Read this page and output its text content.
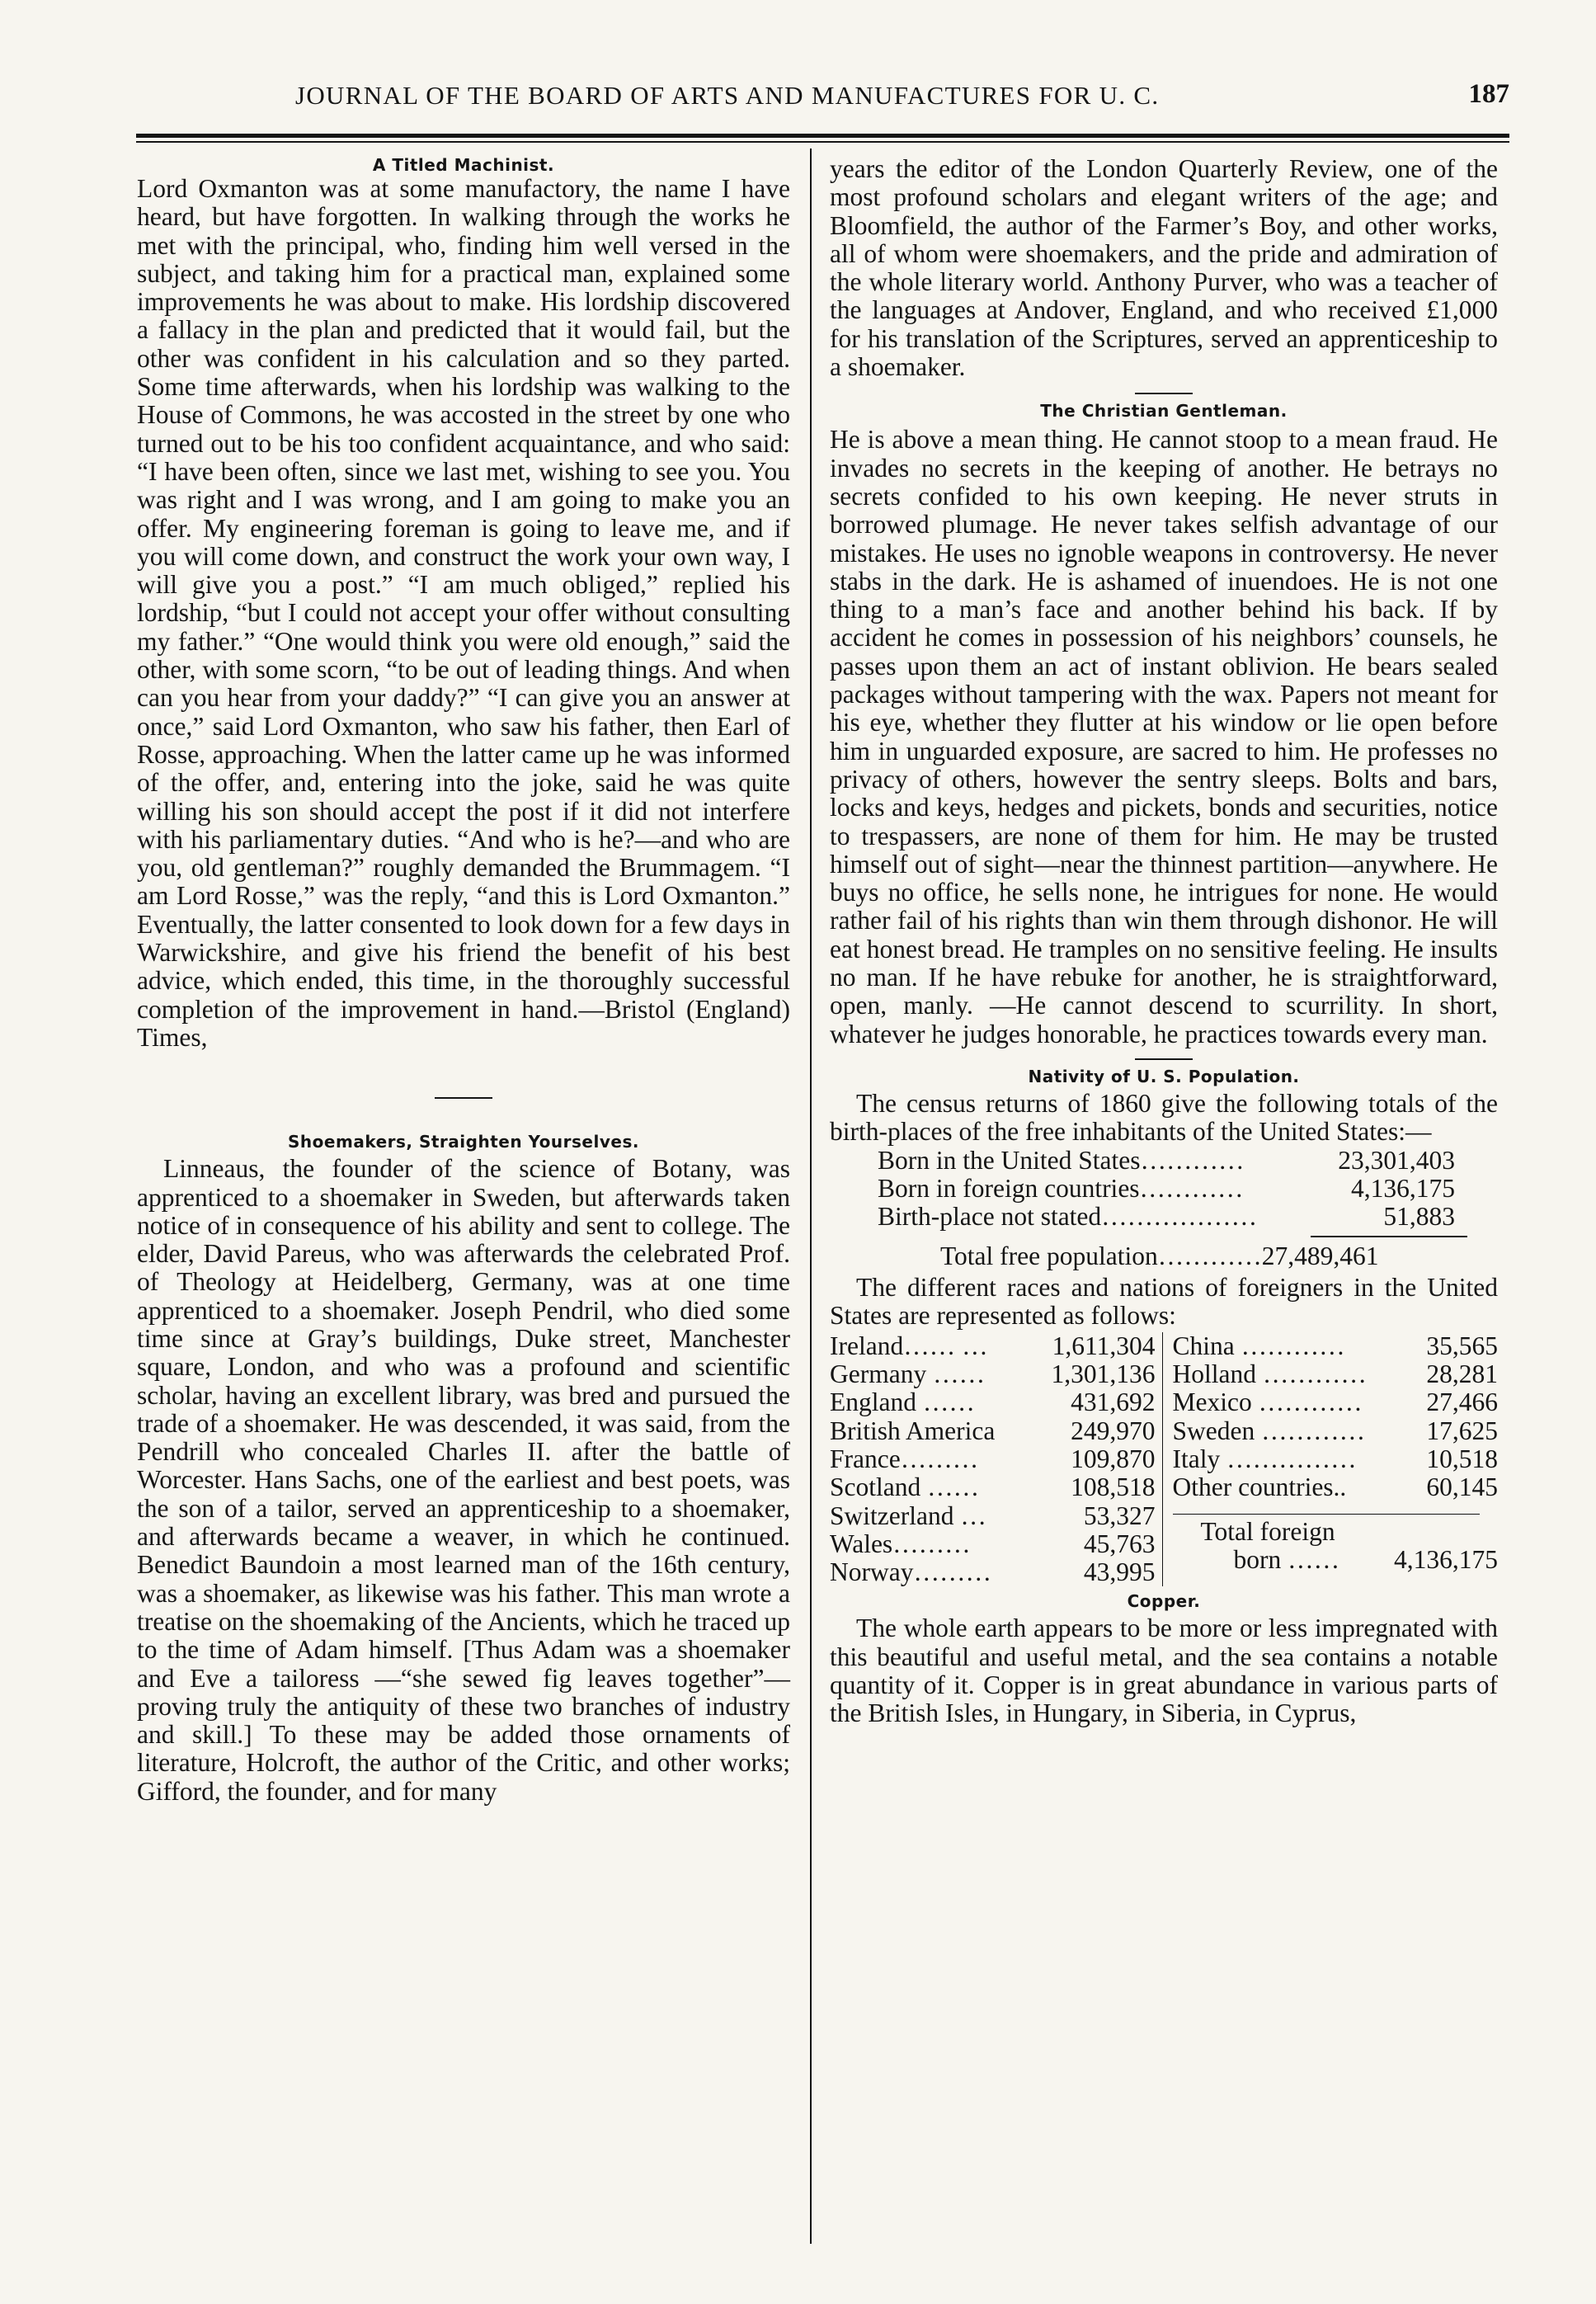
JOURNAL OF THE BOARD OF ARTS AND MANUFACTURES FOR U. C.	187
A Titled Machinist.

Lord Oxmanton was at some manufactory, the name I have heard, but have forgotten. In walking through the works he met with the principal, who, finding him well versed in the subject, and taking him for a practical man, explained some improvements he was about to make. His lordship discovered a fallacy in the plan and predicted that it would fail, but the other was confident in his calculation and so they parted. Some time afterwards, when his lordship was walking to the House of Commons, he was accosted in the street by one who turned out to be his too confident acquaintance, and who said: “I have been often, since we last met, wishing to see you. You was right and I was wrong, and I am going to make you an offer. My engineering foreman is going to leave me, and if you will come down, and construct the work your own way, I will give you a post.” “I am much obliged,” replied his lordship, “but I could not accept your offer without consulting my father.” “One would think you were old enough,” said the other, with some scorn, “to be out of leading things. And when can you hear from your daddy?” “I can give you an answer at once,” said Lord Oxmanton, who saw his father, then Earl of Rosse, approaching. When the latter came up he was informed of the offer, and, entering into the joke, said he was quite willing his son should accept the post if it did not interfere with his parliamentary duties. “And who is he?—and who are you, old gentleman?” roughly demanded the Brummagem. “I am Lord Rosse,” was the reply, “and this is Lord Oxmanton.” Eventually, the latter consented to look down for a few days in Warwickshire, and give his friend the benefit of his best advice, which ended, this time, in the thoroughly successful completion of the improvement in hand.—Bristol (England) Times,

Shoemakers, Straighten Yourselves.

Linneaus, the founder of the science of Botany, was apprenticed to a shoemaker in Sweden, but afterwards taken notice of in consequence of his ability and sent to college. The elder, David Pareus, who was afterwards the celebrated Prof. of Theology at Heidelberg, Germany, was at one time apprenticed to a shoemaker. Joseph Pendril, who died some time since at Gray’s buildings, Duke street, Manchester square, London, and who was a profound and scientific scholar, having an excellent library, was bred and pursued the trade of a shoemaker. He was descended, it was said, from the Pendrill who concealed Charles II. after the battle of Worcester. Hans Sachs, one of the earliest and best poets, was the son of a tailor, served an apprenticeship to a shoemaker, and afterwards became a weaver, in which he continued. Benedict Baundoin a most learned man of the 16th century, was a shoemaker, as likewise was his father. This man wrote a treatise on the shoemaking of the Ancients, which he traced up to the time of Adam himself. [Thus Adam was a shoemaker and Eve a tailoress —“she sewed fig leaves together”—proving truly the antiquity of these two branches of industry and skill.] To these may be added those ornaments of literature, Holcroft, the author of the Critic, and other works; Gifford, the founder, and for many

years the editor of the London Quarterly Review, one of the most profound scholars and elegant writers of the age; and Bloomfield, the author of the Farmer’s Boy, and other works, all of whom were shoemakers, and the pride and admiration of the whole literary world. Anthony Purver, who was a teacher of the languages at Andover, England, and who received £1,000 for his translation of the Scriptures, served an apprenticeship to a shoemaker.

The Christian Gentleman.

He is above a mean thing. He cannot stoop to a mean fraud. He invades no secrets in the keeping of another. He betrays no secrets confided to his own keeping. He never struts in borrowed plumage. He never takes selfish advantage of our mistakes. He uses no ignoble weapons in controversy. He never stabs in the dark. He is ashamed of inuendoes. He is not one thing to a man’s face and another behind his back. If by accident he comes in possession of his neighbors’ counsels, he passes upon them an act of instant oblivion. He bears sealed packages without tampering with the wax. Papers not meant for his eye, whether they flutter at his window or lie open before him in unguarded exposure, are sacred to him. He professes no privacy of others, however the sentry sleeps. Bolts and bars, locks and keys, hedges and pickets, bonds and securities, notice to trespassers, are none of them for him. He may be trusted himself out of sight—near the thinnest partition—anywhere. He buys no office, he sells none, he intrigues for none. He would rather fail of his rights than win them through dishonor. He will eat honest bread. He tramples on no sensitive feeling. He insults no man. If he have rebuke for another, he is straightforward, open, manly. —He cannot descend to scurrility. In short, whatever he judges honorable, he practices towards every man.

Nativity of U. S. Population.

The census returns of 1860 give the following totals of the birth-places of the free inhabitants of the United States:—

Born in the United States…………	23,301,403
Born in foreign countries…………	4,136,175
Birth-place not stated………………	51,883
Total free population…………27,489,461

The different races and nations of foreigners in the United States are represented as follows:

Ireland…… …	1,611,304
Germany ……	1,301,136
England ……	431,692
British America	249,970
France………	109,870
Scotland ……	108,518
Switzerland …	53,327
Wales………	45,763
Norway………	43,995
China …………	35,565
Holland …………	28,281
Mexico …………	27,466
Sweden …………	17,625
Italy ……………	10,518
Other countries..	60,145
Total foreign
born ……	4,136,175
Copper.

The whole earth appears to be more or less impregnated with this beautiful and useful metal, and the sea contains a notable quantity of it. Copper is in great abundance in various parts of the British Isles, in Hungary, in Siberia, in Cyprus,
